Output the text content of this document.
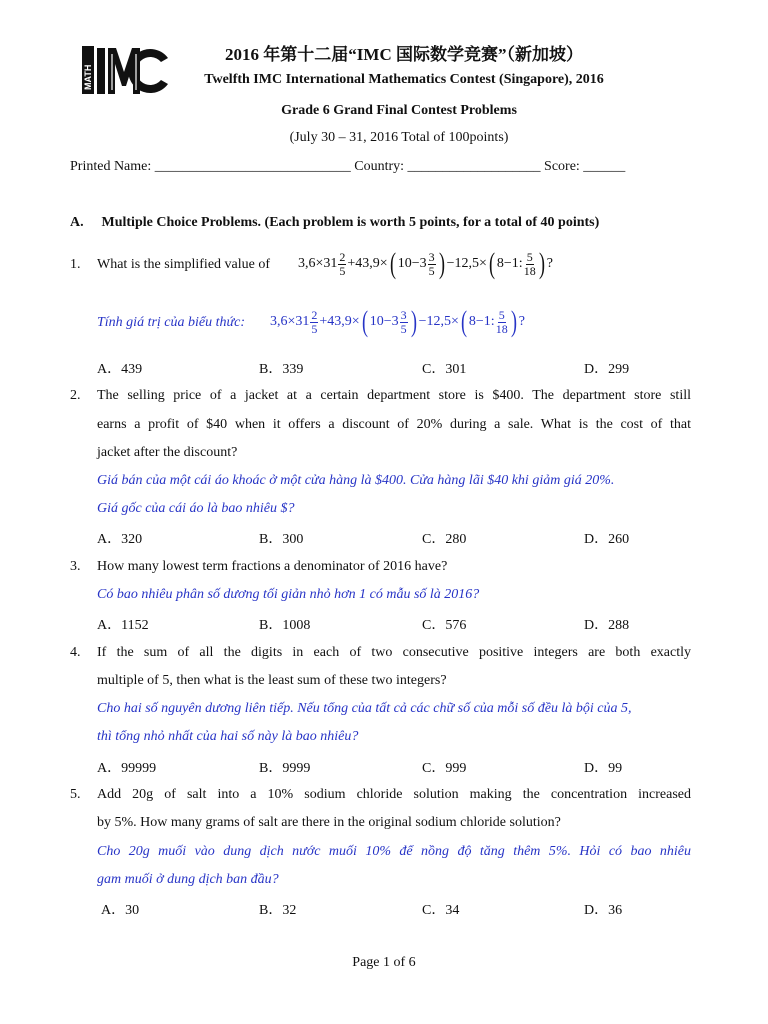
MATH
2016 年第十二届“IMC 国际数学竞赛”（新加坡）
Twelfth IMC International Mathematics Contest (Singapore), 2016
Grade 6 Grand Final Contest Problems
(July 30 – 31, 2016 Total of 100points)
Printed Name: ____________________________ Country: ___________________ Score: ______
A. Multiple Choice Problems. (Each problem is worth 5 points, for a total of 40 points)
1. What is the simplified value of $3,6\times 31 \frac{2}{5} +43,9\times$ ( $10-3 \frac{3}{5}$ ) −12,5× ( 8−1: $\frac{5}{18}$ ) ?
Tính giá trị của biểu thức: $3,6\times 31 \frac{2}{5} +43,9\times$ ( $10-3 \frac{3}{5}$ ) −12,5× ( 8−1: $\frac{5}{18}$ ) ?
A．439	B．339	C．301	D．299
2. The selling price of a jacket at a certain department store is $400. The department store still
earns a profit of $40 when it offers a discount of 20% during a sale. What is the cost of that
jacket after the discount?
Giá bán của một cái áo khoác ở một cửa hàng là $400. Cửa hàng lãi $40 khi giảm giá 20%.
Giá gốc của cái áo là bao nhiêu $?
A．320	B．300	C．280	D．260
3. How many lowest term fractions a denominator of 2016 have?
Có bao nhiêu phân số dương tối giản nhỏ hơn 1 có mẫu số là 2016?
A．1152	B．1008	C．576	D．288
4. If the sum of all the digits in each of two consecutive positive integers are both exactly
multiple of 5, then what is the least sum of these two integers?
Cho hai số nguyên dương liên tiếp. Nếu tổng của tất cả các chữ số của mỗi số đều là bội của 5,
thì tổng nhỏ nhất của hai số này là bao nhiêu?
A．99999	B．9999	C．999	D．99
5. Add 20g of salt into a 10% sodium chloride solution making the concentration increased
by 5%. How many grams of salt are there in the original sodium chloride solution?
Cho 20g muối vào dung dịch nước muối 10% để nồng độ tăng thêm 5%. Hỏi có bao nhiêu
gam muối ở dung dịch ban đầu?
A．30	B．32	C．34	D．36
Page 1 of 6
